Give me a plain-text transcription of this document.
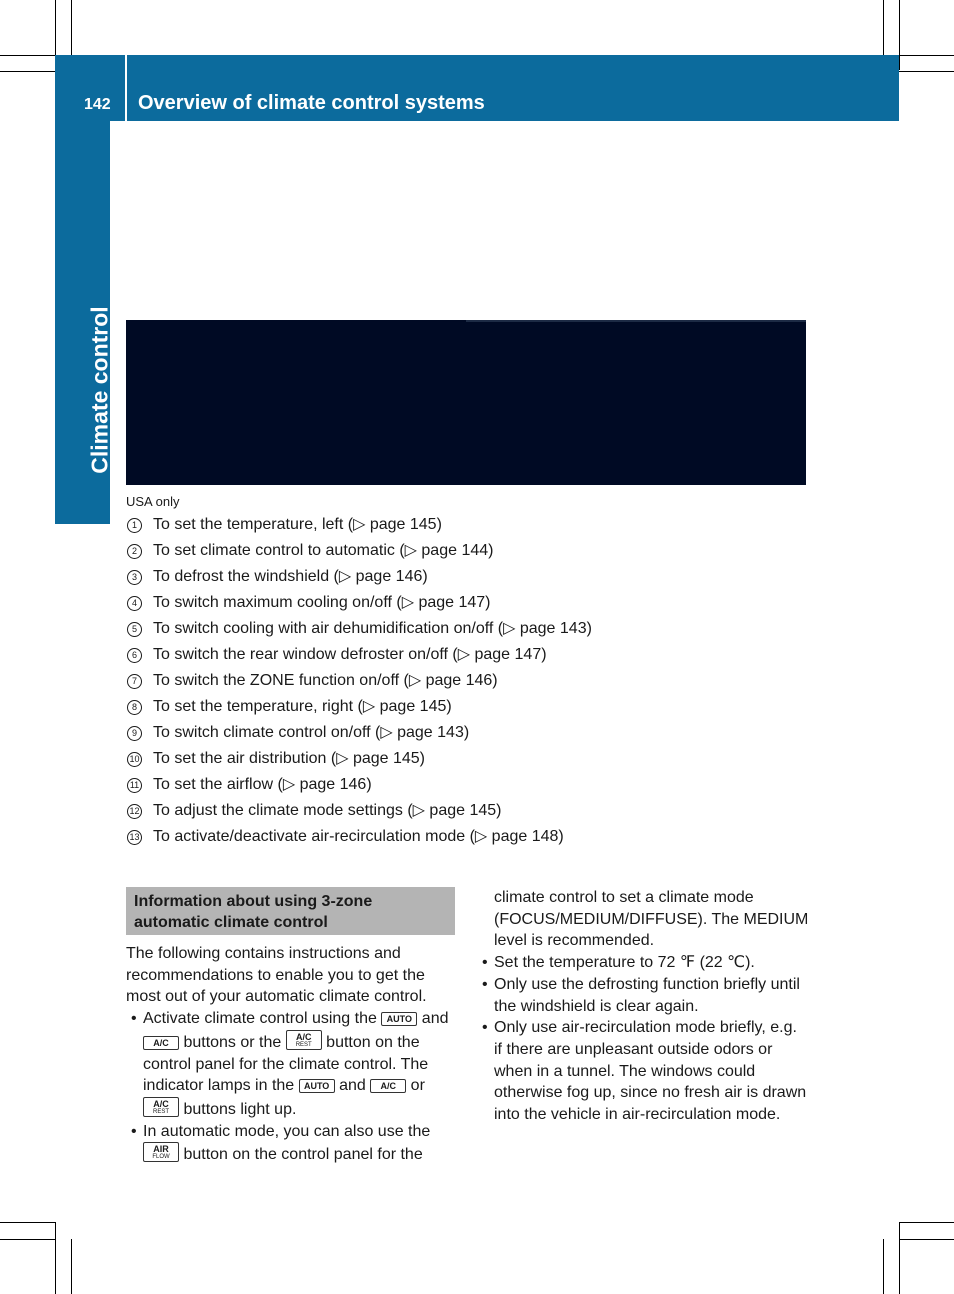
142 Overview of climate control systems
Climate control
USA only
1	To set the temperature, left (▷ page 145)
2	To set climate control to automatic (▷ page 144)
3	To defrost the windshield (▷ page 146)
4	To switch maximum cooling on/off (▷ page 147)
5	To switch cooling with air dehumidification on/off (▷ page 143)
6	To switch the rear window defroster on/off (▷ page 147)
7	To switch the ZONE function on/off (▷ page 146)
8	To set the temperature, right (▷ page 145)
9	To switch climate control on/off (▷ page 143)
10 To set the air distribution (▷ page 145)
11 To set the airflow (▷ page 146)
12 To adjust the climate mode settings (▷ page 145)
13 To activate/deactivate air-recirculation mode (▷ page 148)
Information about using 3-zone automatic climate control

The following contains instructions and recommendations to enable you to get the most out of your automatic climate control.

• Activate climate control using the AUTO and A/C buttons or the A/C
REST button on the control panel for the climate control. The indicator lamps in the AUTO and A/C or A/C
REST buttons light up.

• In automatic mode, you can also use the AIR
FLOW button on the control panel for the

climate control to set a climate mode (FOCUS/MEDIUM/DIFFUSE). The MEDIUM level is recommended.

• Set the temperature to 72 ℉ (22 ℃).

• Only use the defrosting function briefly until the windshield is clear again.

• Only use air-recirculation mode briefly, e.g. if there are unpleasant outside odors or when in a tunnel. The windows could otherwise fog up, since no fresh air is drawn into the vehicle in air-recirculation mode.
